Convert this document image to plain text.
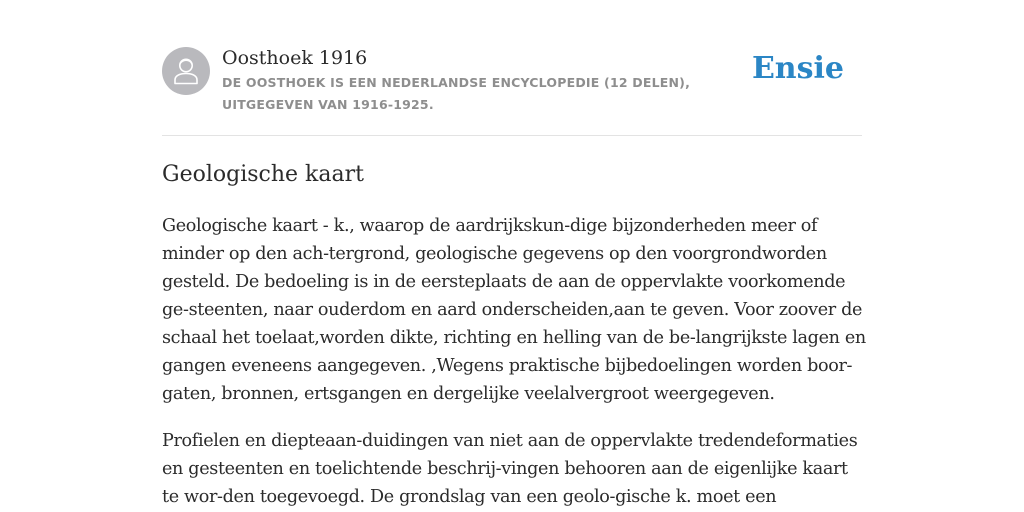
Oosthoek 1916
DE OOSTHOEK IS EEN NEDERLANDSE ENCYCLOPEDIE (12 DELEN), UITGEGEVEN VAN 1916-1925.
Ensie
Geologische kaart

Geologische kaart - k., waarop de aardrijkskun-dige bijzonderheden meer of minder op den ach-tergrond, geologische gegevens op den voorgrondworden gesteld. De bedoeling is in de eersteplaats de aan de oppervlakte voorkomende ge-steenten, naar ouderdom en aard onderscheiden,aan te geven. Voor zoover de schaal het toelaat,worden dikte, richting en helling van de be-langrijkste lagen en gangen eveneens aangegeven. ,Wegens praktische bijbedoelingen worden boor-gaten, bronnen, ertsgangen en dergelijke veelalvergroot weergegeven.

Profielen en diepteaan-duidingen van niet aan de oppervlakte tredendeformaties en gesteenten en toelichtende beschrij-vingen behooren aan de eigenlijke kaart te wor-den toegevoegd. De grondslag van een geolo-gische k. moet een
